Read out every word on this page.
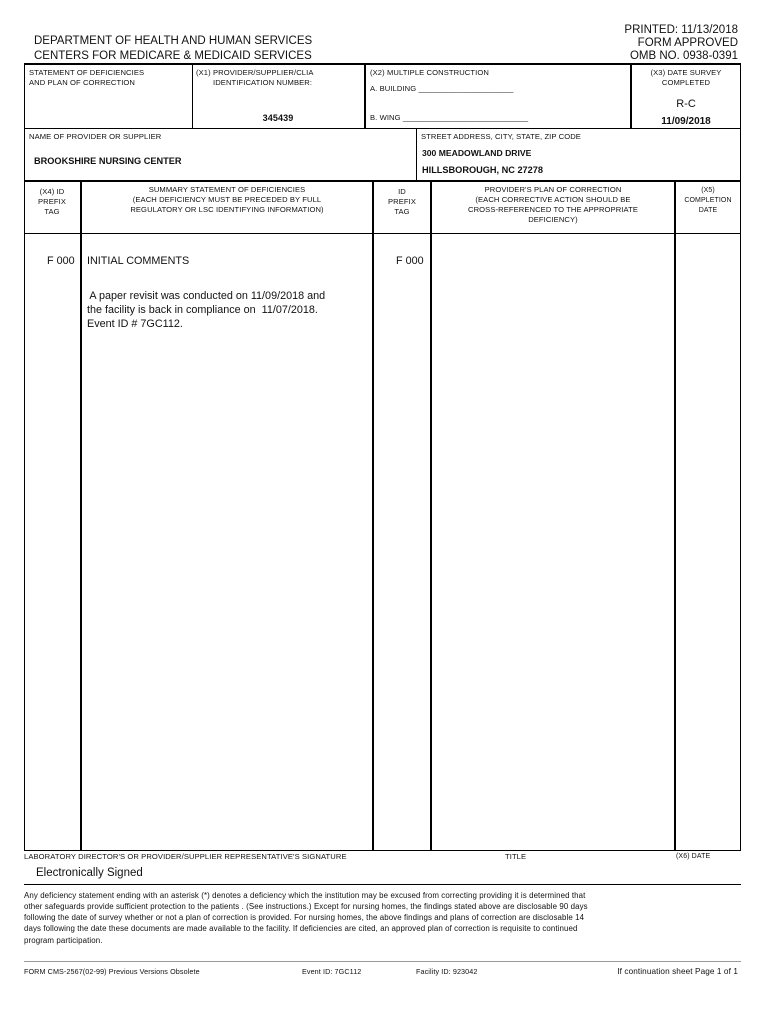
PRINTED: 11/13/2018
FORM APPROVED
OMB NO. 0938-0391
DEPARTMENT OF HEALTH AND HUMAN SERVICES
CENTERS FOR MEDICARE & MEDICAID SERVICES
STATEMENT OF DEFICIENCIES
AND PLAN OF CORRECTION
(X1) PROVIDER/SUPPLIER/CLIA
IDENTIFICATION NUMBER:
345439
(X2) MULTIPLE CONSTRUCTION
A. BUILDING ______________________
B. WING _____________________________
(X3) DATE SURVEY
COMPLETED
R-C
11/09/2018
NAME OF PROVIDER OR SUPPLIER
BROOKSHIRE NURSING CENTER
STREET ADDRESS, CITY, STATE, ZIP CODE
300 MEADOWLAND DRIVE
HILLSBOROUGH, NC 27278
(X4) ID
PREFIX
TAG
SUMMARY STATEMENT OF DEFICIENCIES
(EACH DEFICIENCY MUST BE PRECEDED BY FULL
REGULATORY OR LSC IDENTIFYING INFORMATION)
ID
PREFIX
TAG
PROVIDER'S PLAN OF CORRECTION
(EACH CORRECTIVE ACTION SHOULD BE
CROSS-REFERENCED TO THE APPROPRIATE
DEFICIENCY)
(X5)
COMPLETION
DATE
F 000 INITIAL COMMENTS
A paper revisit was conducted on 11/09/2018 and
the facility is back in compliance on  11/07/2018.
Event ID # 7GC112.
F 000
LABORATORY DIRECTOR'S OR PROVIDER/SUPPLIER REPRESENTATIVE'S SIGNATURE	TITLE	(X6) DATE
Electronically Signed
Any deficiency statement ending with an asterisk (*) denotes a deficiency which the institution may be excused from correcting providing it is determined that
other safeguards provide sufficient protection to the patients . (See instructions.) Except for nursing homes, the findings stated above are disclosable 90 days
following the date of survey whether or not a plan of correction is provided. For nursing homes, the above findings and plans of correction are disclosable 14
days following the date these documents are made available to the facility. If deficiencies are cited, an approved plan of correction is requisite to continued
program participation.
FORM CMS-2567(02-99) Previous Versions Obsolete	Event ID: 7GC112	Facility ID: 923042	If continuation sheet Page 1 of 1
